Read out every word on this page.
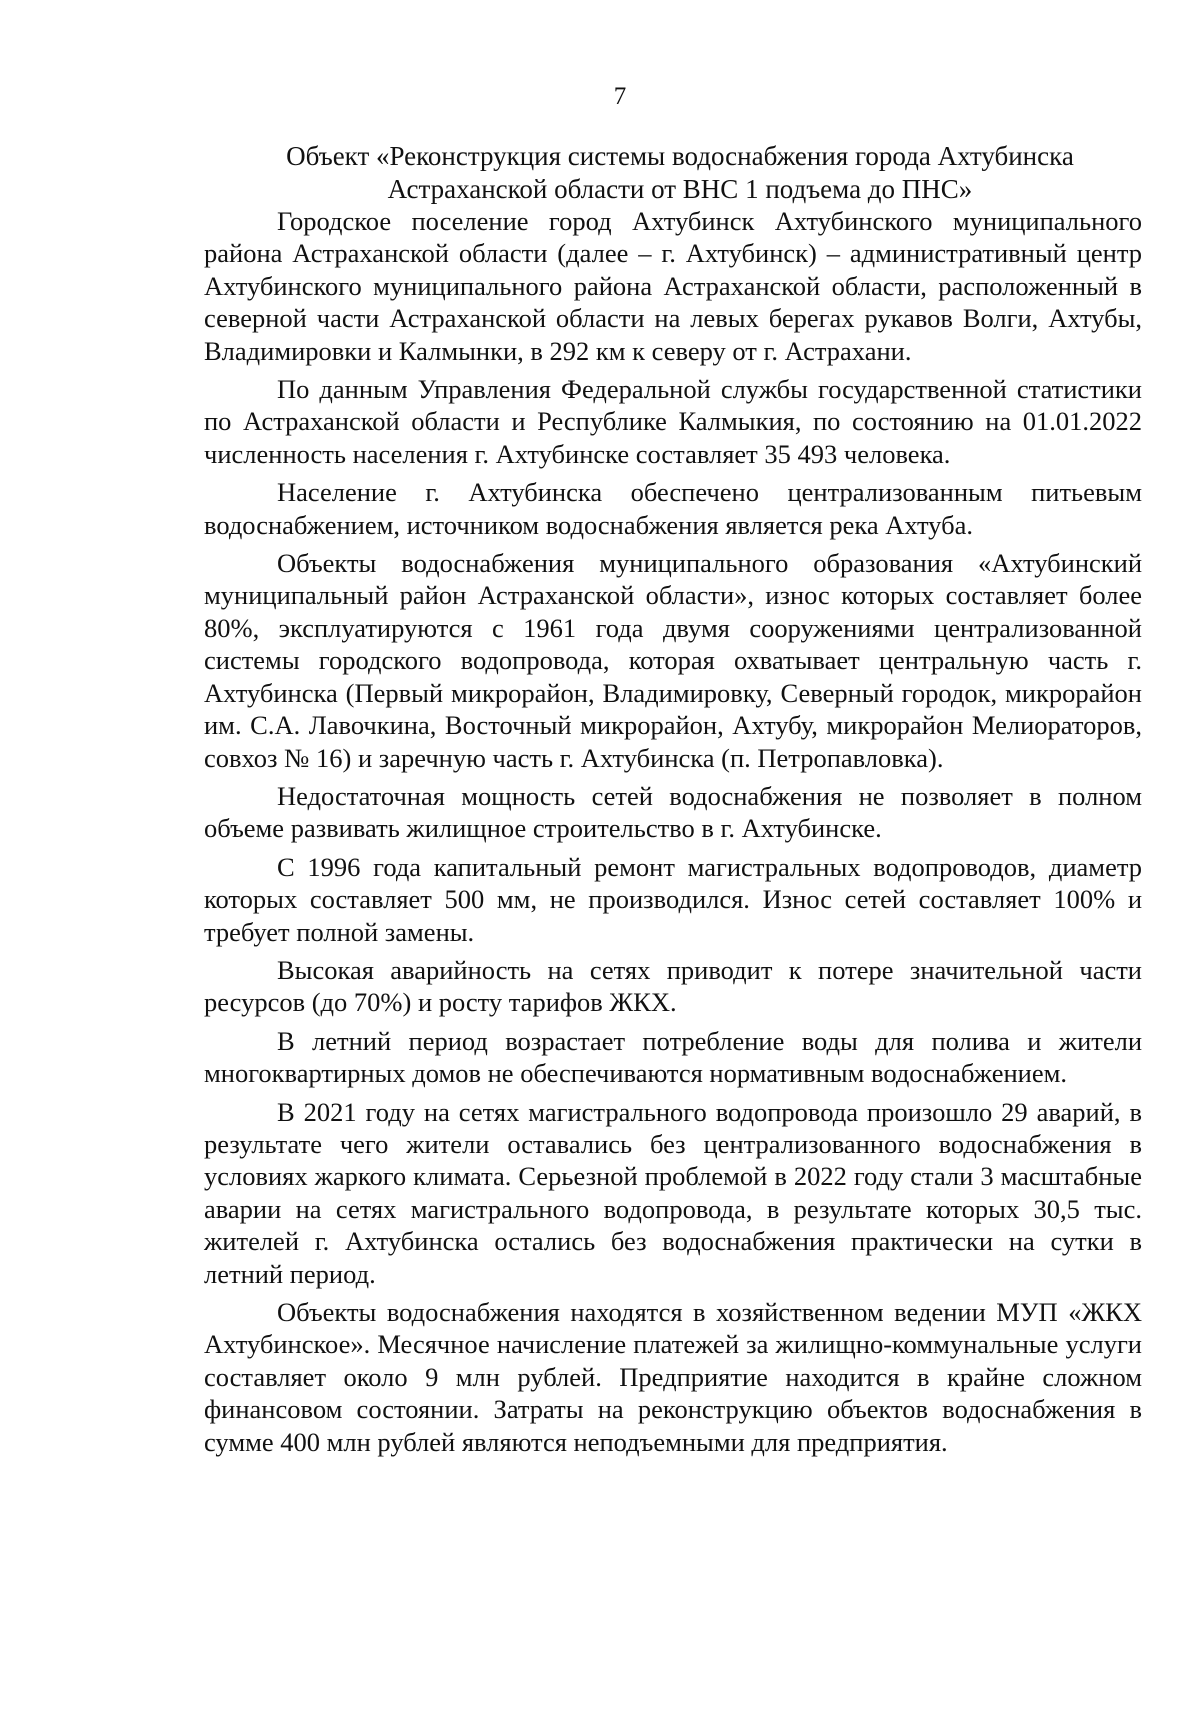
7
Объект «Реконструкция системы водоснабжения города Ахтубинска
Астраханской области от ВНС 1 подъема до ПНС»

Городское поселение город Ахтубинск Ахтубинского муниципального района Астраханской области (далее – г. Ахтубинск) – административный центр Ахтубинского муниципального района Астраханской области, расположенный в северной части Астраханской области на левых берегах рукавов Волги, Ахтубы, Владимировки и Калмынки, в 292 км к северу от г. Астрахани.

По данным Управления Федеральной службы государственной статистики по Астраханской области и Республике Калмыкия, по состоянию на 01.01.2022 численность населения г. Ахтубинске составляет 35 493 человека.

Население г. Ахтубинска обеспечено централизованным питьевым водоснабжением, источником водоснабжения является река Ахтуба.

Объекты водоснабжения муниципального образования «Ахтубинский муниципальный район Астраханской области», износ которых составляет более 80%, эксплуатируются с 1961 года двумя сооружениями централизованной системы городского водопровода, которая охватывает центральную часть г. Ахтубинска (Первый микрорайон, Владимировку, Северный городок, микрорайон им. С.А. Лавочкина, Восточный микрорайон, Ахтубу, микрорайон Мелиораторов, совхоз № 16) и заречную часть г. Ахтубинска (п. Петропавловка).

Недостаточная мощность сетей водоснабжения не позволяет в полном объеме развивать жилищное строительство в г. Ахтубинске.

С 1996 года капитальный ремонт магистральных водопроводов, диаметр которых составляет 500 мм, не производился. Износ сетей составляет 100% и требует полной замены.

Высокая аварийность на сетях приводит к потере значительной части ресурсов (до 70%) и росту тарифов ЖКХ.

В летний период возрастает потребление воды для полива и жители многоквартирных домов не обеспечиваются нормативным водоснабжением.

В 2021 году на сетях магистрального водопровода произошло 29 аварий, в результате чего жители оставались без централизованного водоснабжения в условиях жаркого климата. Серьезной проблемой в 2022 году стали 3 масштабные аварии на сетях магистрального водопровода, в результате которых 30,5 тыс. жителей г. Ахтубинска остались без водоснабжения практически на сутки в летний период.

Объекты водоснабжения находятся в хозяйственном ведении МУП «ЖКХ Ахтубинское». Месячное начисление платежей за жилищно-коммунальные услуги составляет около 9 млн рублей. Предприятие находится в крайне сложном финансовом состоянии. Затраты на реконструкцию объектов водоснабжения в сумме 400 млн рублей являются неподъемными для предприятия.
